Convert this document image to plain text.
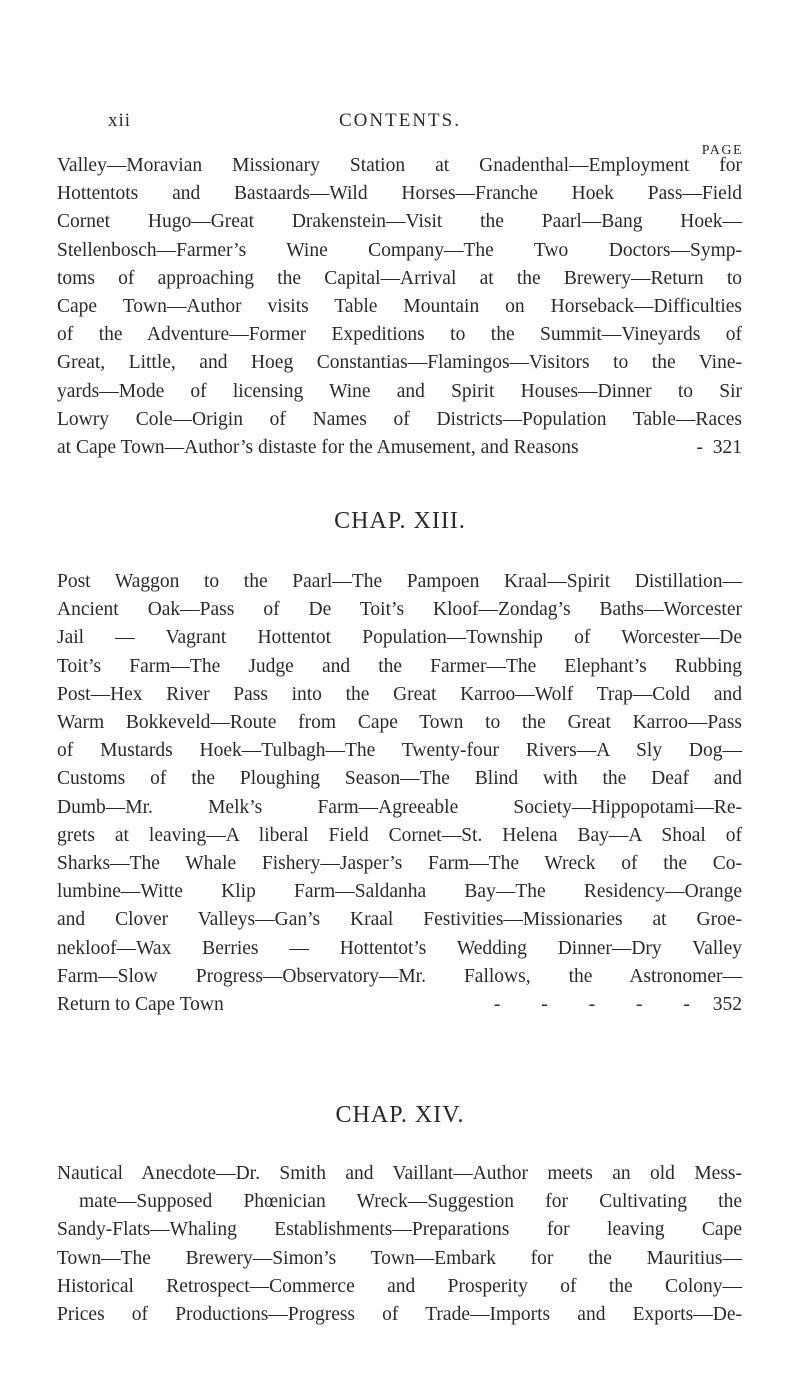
xii	CONTENTS.
PAGE
Valley—Moravian Missionary Station at Gnadenthal—Employment for
Hottentots and Bastaards—Wild Horses—Franche Hoek Pass—Field
Cornet Hugo—Great Drakenstein—Visit the Paarl—Bang Hoek—
Stellenbosch—Farmer’s Wine Company—The Two Doctors—Symp-
toms of approaching the Capital—Arrival at the Brewery—Return to
Cape Town—Author visits Table Mountain on Horseback—Difficulties
of the Adventure—Former Expeditions to the Summit—Vineyards of
Great, Little, and Hoeg Constantias—Flamingos—Visitors to the Vine-
yards—Mode of licensing Wine and Spirit Houses—Dinner to Sir
Lowry Cole—Origin of Names of Districts—Population Table—Races
at Cape Town—Author’s distaste for the Amusement, and Reasons	- 321
CHAP. XIII.
Post Waggon to the Paarl—The Pampoen Kraal—Spirit Distillation—
Ancient Oak—Pass of De Toit’s Kloof—Zondag’s Baths—Worcester
Jail — Vagrant Hottentot Population—Township of Worcester—De
Toit’s Farm—The Judge and the Farmer—The Elephant’s Rubbing
Post—Hex River Pass into the Great Karroo—Wolf Trap—Cold and
Warm Bokkeveld—Route from Cape Town to the Great Karroo—Pass
of Mustards Hoek—Tulbagh—The Twenty-four Rivers—A Sly Dog—
Customs of the Ploughing Season—The Blind with the Deaf and
Dumb—Mr. Melk’s Farm—Agreeable Society—Hippopotami—Re-
grets at leaving—A liberal Field Cornet—St. Helena Bay—A Shoal of
Sharks—The Whale Fishery—Jasper’s Farm—The Wreck of the Co-
lumbine—Witte Klip Farm—Saldanha Bay—The Residency—Orange
and Clover Valleys—Gan’s Kraal Festivities—Missionaries at Groe-
nekloof—Wax Berries — Hottentot’s Wedding Dinner—Dry Valley
Farm—Slow Progress—Observatory—Mr. Fallows, the Astronomer—
Return to Cape Town	- - - - - 352
CHAP. XIV.
Nautical Anecdote—Dr. Smith and Vaillant—Author meets an old Mess-
mate—Supposed Phœnician Wreck—Suggestion for Cultivating the
Sandy-Flats—Whaling Establishments—Preparations for leaving Cape
Town—The Brewery—Simon’s Town—Embark for the Mauritius—
Historical Retrospect—Commerce and Prosperity of the Colony—
Prices of Productions—Progress of Trade—Imports and Exports—De-
